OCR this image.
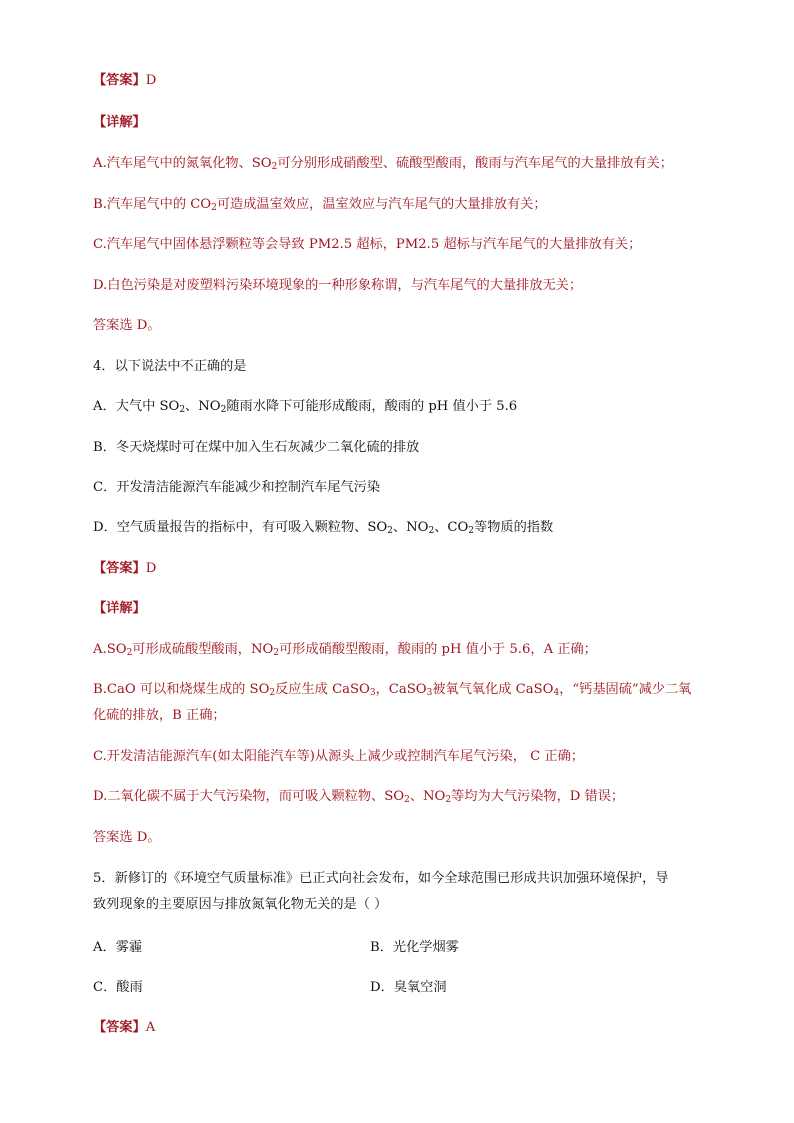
【答案】D
【详解】
A.汽车尾气中的氮氧化物、$SO_2$可分别形成硝酸型、硫酸型酸雨，酸雨与汽车尾气的大量排放有关；
B.汽车尾气中的 $CO_2$可造成温室效应，温室效应与汽车尾气的大量排放有关；
C.汽车尾气中固体悬浮颗粒等会导致 PM2.5 超标，PM2.5 超标与汽车尾气的大量排放有关；
D.白色污染是对废塑料污染环境现象的一种形象称谓，与汽车尾气的大量排放无关；
答案选 D。
4．以下说法中不正确的是
A．大气中 $SO_2$、$NO_2$随雨水降下可能形成酸雨，酸雨的 pH 值小于 5.6
B．冬天烧煤时可在煤中加入生石灰减少二氧化硫的排放
C．开发清洁能源汽车能减少和控制汽车尾气污染
D．空气质量报告的指标中，有可吸入颗粒物、$SO_2$、$NO_2$、$CO_2$等物质的指数
【答案】D
【详解】
$A.SO_2$可形成硫酸型酸雨，$NO_2$可形成硝酸型酸雨，酸雨的 pH 值小于 5.6，A 正确；
B.CaO 可以和烧煤生成的 $SO_2$反应生成 CaSO$_3$，CaSO$_3$被氧气氧化成 CaSO$_4$，“钙基固硫”减少二氧
化硫的排放，B 正确；
C.开发清洁能源汽车(如太阳能汽车等)从源头上减少或控制汽车尾气污染， C 正确；
D.二氧化碳不属于大气污染物，而可吸入颗粒物、$SO_2$、$NO_2$等均为大气污染物，D 错误；
答案选 D。
5．新修订的《环境空气质量标准》已正式向社会发布，如今全球范围已形成共识加强环境保护，导
致列现象的主要原因与排放氮氧化物无关的是（ ）
A．雾霾	B．光化学烟雾
C．酸雨	D．臭氧空洞
【答案】A
